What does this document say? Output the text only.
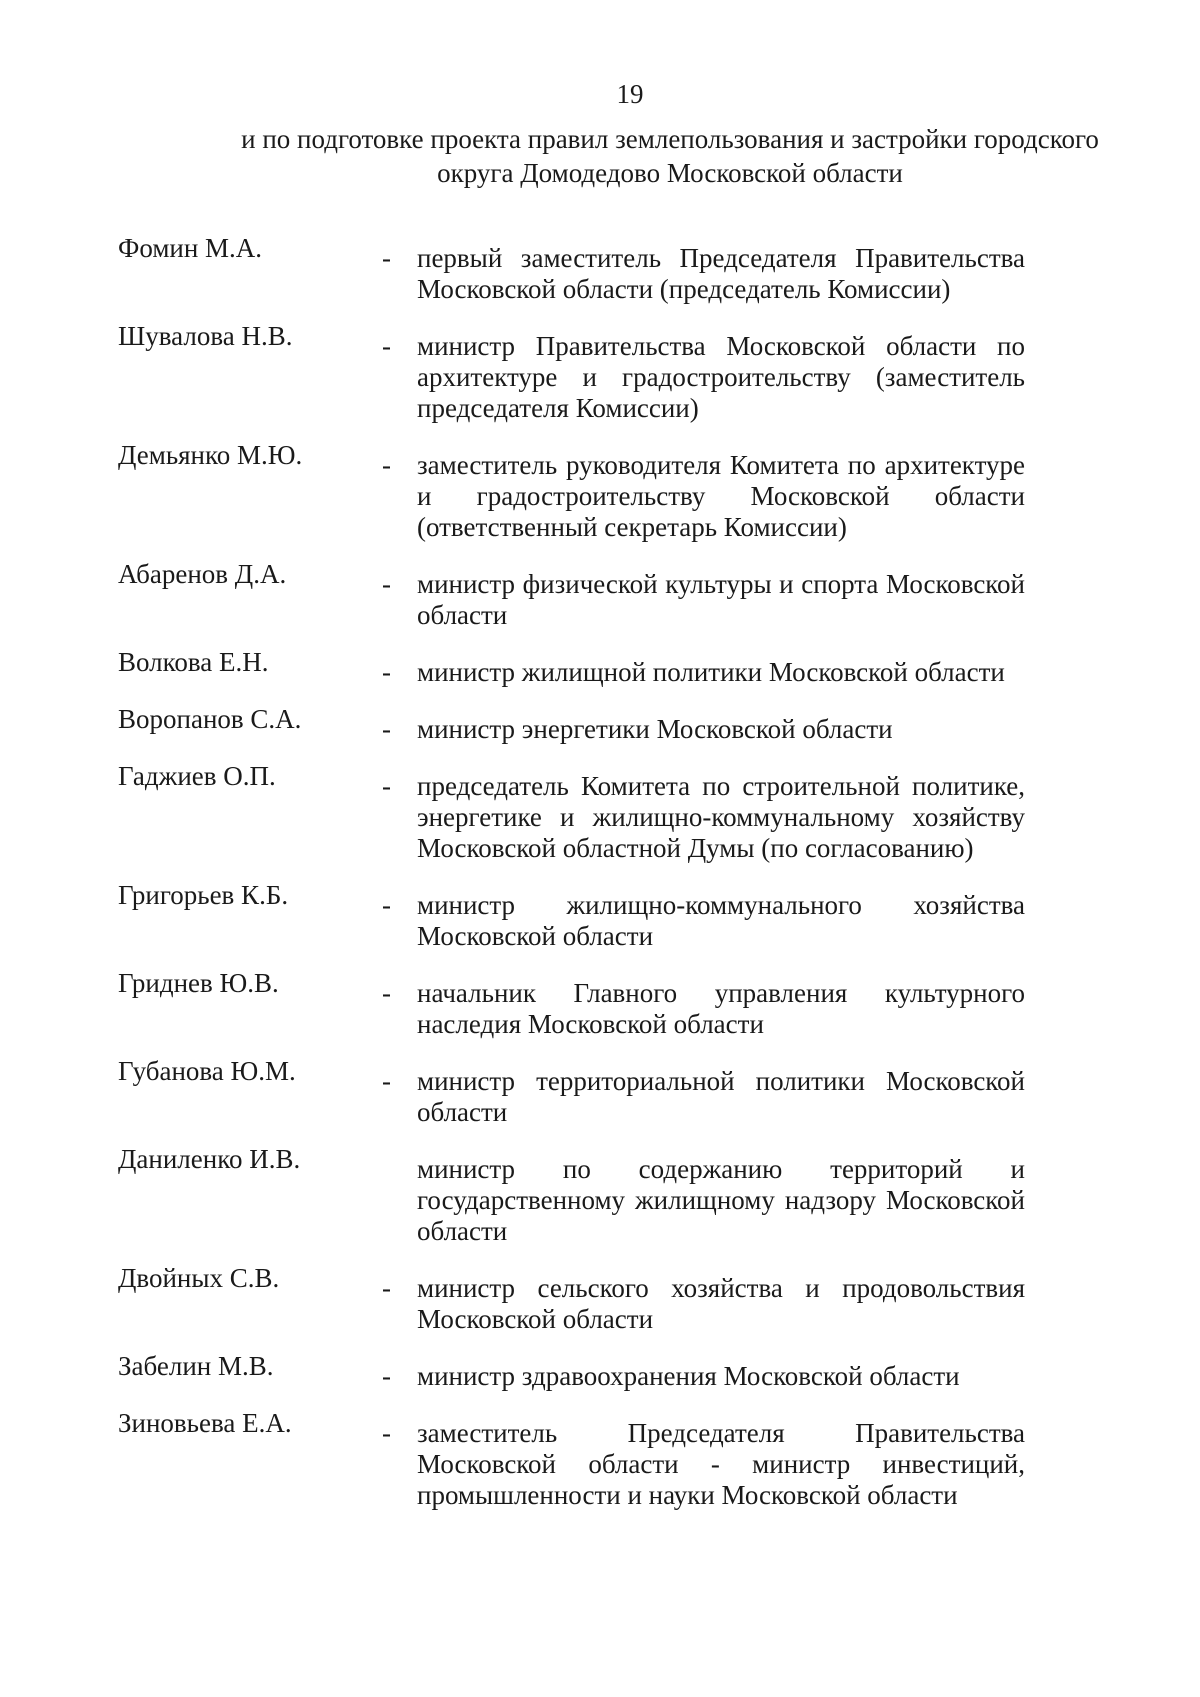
19
и по подготовке проекта правил землепользования и застройки городского округа Домодедово Московской области
Фомин М.А.	- первый заместитель Председателя Правительства Московской области (председатель Комиссии)
Шувалова Н.В.	- министр Правительства Московской области по архитектуре и градостроительству (заместитель председателя Комиссии)
Демьянко М.Ю.	- заместитель руководителя Комитета по архитектуре и градостроительству Московской области (ответственный секретарь Комиссии)
Абаренов Д.А.	- министр физической культуры и спорта Московской области
Волкова Е.Н.	- министр жилищной политики Московской области
Воропанов С.А.	- министр энергетики Московской области
Гаджиев О.П.	- председатель Комитета по строительной политике, энергетике и жилищно-коммунальному хозяйству Московской областной Думы (по согласованию)
Григорьев К.Б.	- министр жилищно-коммунального хозяйства Московской области
Гриднев Ю.В.	- начальник Главного управления культурного наследия Московской области
Губанова Ю.М.	- министр территориальной политики Московской области
Даниленко И.В.	министр по содержанию территорий и государственному жилищному надзору Московской области
Двойных С.В.	- министр сельского хозяйства и продовольствия Московской области
Забелин М.В.	- министр здравоохранения Московской области
Зиновьева Е.А.	- заместитель Председателя Правительства Московской области - министр инвестиций, промышленности и науки Московской области
